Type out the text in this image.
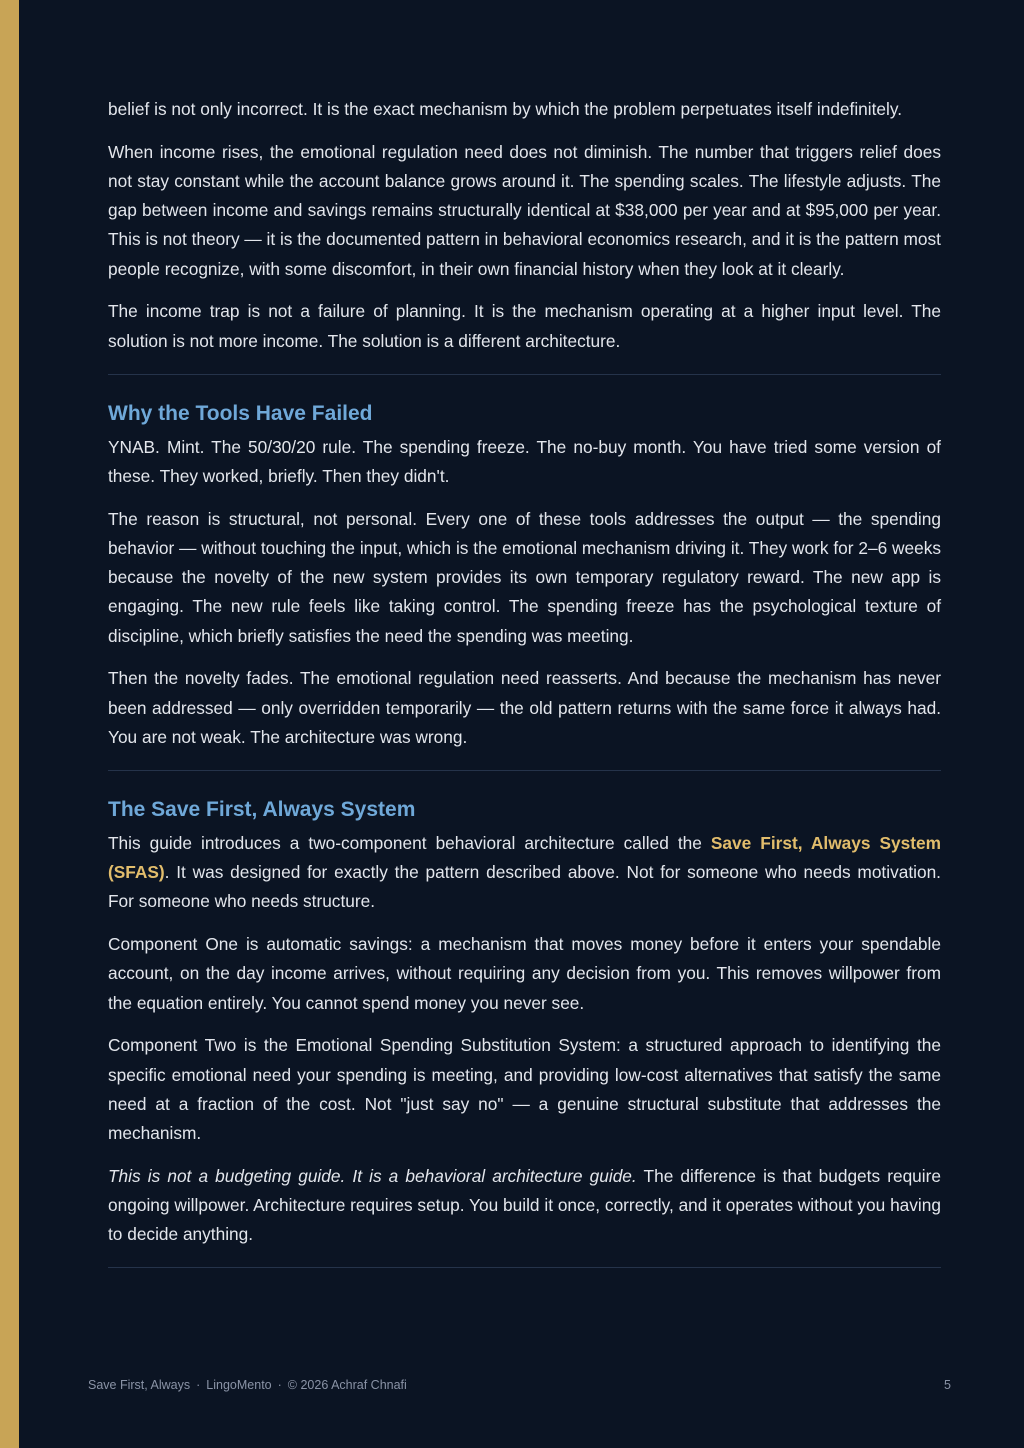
belief is not only incorrect. It is the exact mechanism by which the problem perpetuates itself indefinitely.

When income rises, the emotional regulation need does not diminish. The number that triggers relief does not stay constant while the account balance grows around it. The spending scales. The lifestyle adjusts. The gap between income and savings remains structurally identical at $38,000 per year and at $95,000 per year. This is not theory — it is the documented pattern in behavioral economics research, and it is the pattern most people recognize, with some discomfort, in their own financial history when they look at it clearly.

The income trap is not a failure of planning. It is the mechanism operating at a higher input level. The solution is not more income. The solution is a different architecture.

Why the Tools Have Failed

YNAB. Mint. The 50/30/20 rule. The spending freeze. The no-buy month. You have tried some version of these. They worked, briefly. Then they didn't.

The reason is structural, not personal. Every one of these tools addresses the output — the spending behavior — without touching the input, which is the emotional mechanism driving it. They work for 2–6 weeks because the novelty of the new system provides its own temporary regulatory reward. The new app is engaging. The new rule feels like taking control. The spending freeze has the psychological texture of discipline, which briefly satisfies the need the spending was meeting.

Then the novelty fades. The emotional regulation need reasserts. And because the mechanism has never been addressed — only overridden temporarily — the old pattern returns with the same force it always had. You are not weak. The architecture was wrong.

The Save First, Always System

This guide introduces a two-component behavioral architecture called the Save First, Always System (SFAS). It was designed for exactly the pattern described above. Not for someone who needs motivation. For someone who needs structure.

Component One is automatic savings: a mechanism that moves money before it enters your spendable account, on the day income arrives, without requiring any decision from you. This removes willpower from the equation entirely. You cannot spend money you never see.

Component Two is the Emotional Spending Substitution System: a structured approach to identifying the specific emotional need your spending is meeting, and providing low-cost alternatives that satisfy the same need at a fraction of the cost. Not "just say no" — a genuine structural substitute that addresses the mechanism.

This is not a budgeting guide. It is a behavioral architecture guide. The difference is that budgets require ongoing willpower. Architecture requires setup. You build it once, correctly, and it operates without you having to decide anything.

Save First, Always · LingoMento · © 2026 Achraf Chnafi	5
